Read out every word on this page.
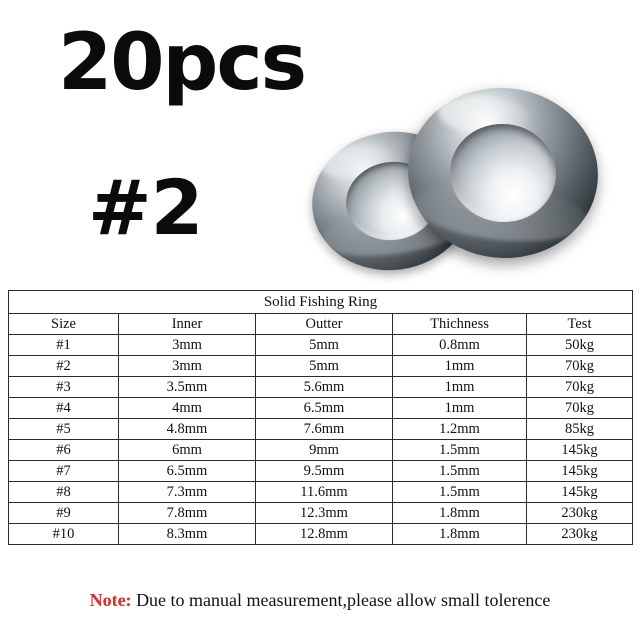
20pcs
#2
Solid Fishing Ring				
Size	Inner	Outter	Thichness	Test
#1	3mm	5mm	0.8mm	50kg
#2	3mm	5mm	1mm	70kg
#3	3.5mm	5.6mm	1mm	70kg
#4	4mm	6.5mm	1mm	70kg
#5	4.8mm	7.6mm	1.2mm	85kg
#6	6mm	9mm	1.5mm	145kg
#7	6.5mm	9.5mm	1.5mm	145kg
#8	7.3mm	11.6mm	1.5mm	145kg
#9	7.8mm	12.3mm	1.8mm	230kg
#10	8.3mm	12.8mm	1.8mm	230kg
Note: Due to manual measurement,please allow small tolerence
